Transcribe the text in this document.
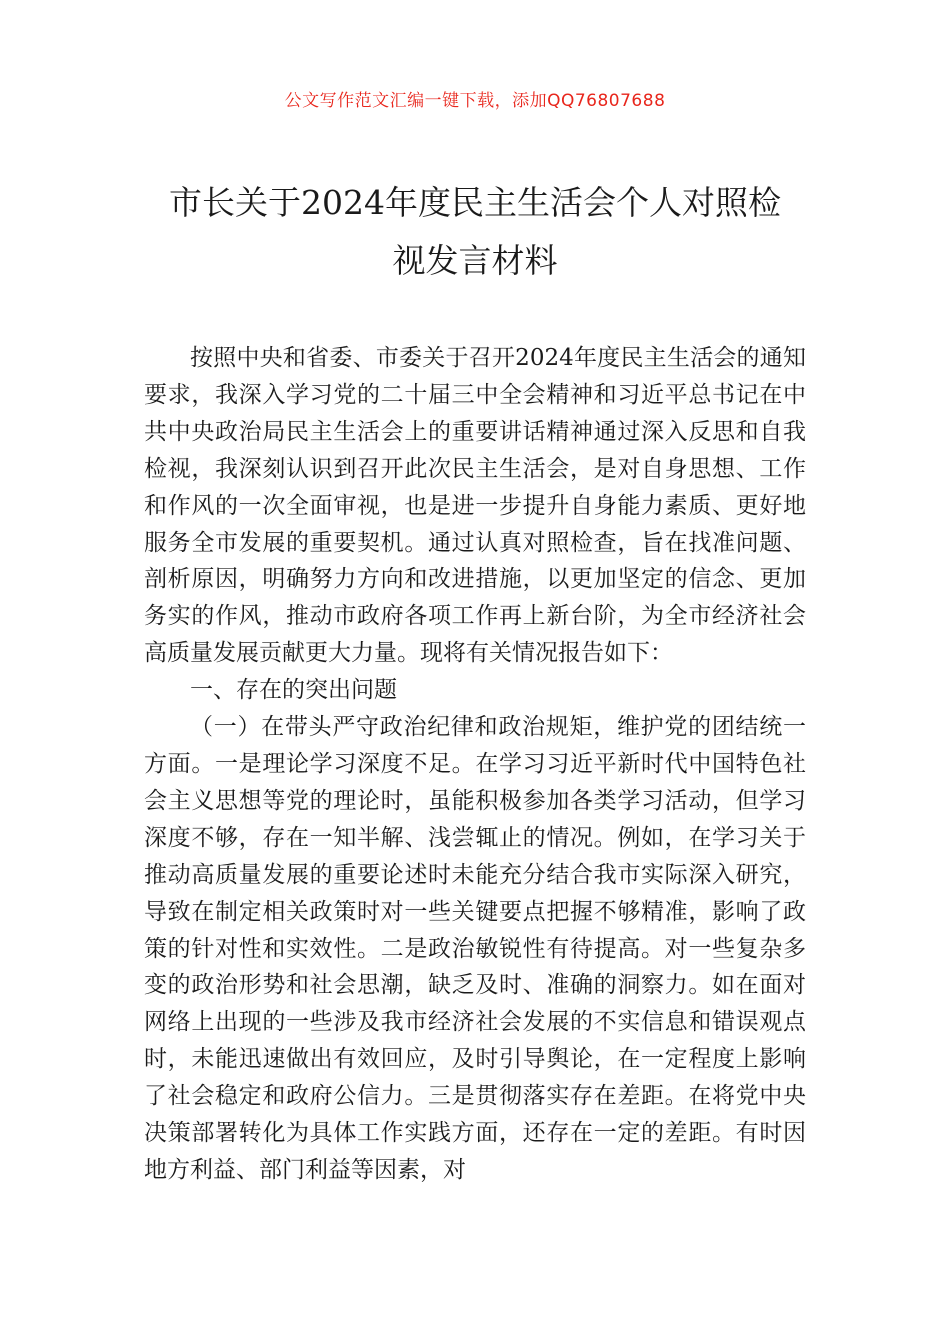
公文写作范文汇编一键下载，添加QQ76807688
市长关于2024年度民主生活会个人对照检
视发言材料

按照中央和省委、市委关于召开2024年度民主生活会的通知要求，我深入学习党的二十届三中全会精神和习近平总书记在中共中央政治局民主生活会上的重要讲话精神通过深入反思和自我检视，我深刻认识到召开此次民主生活会，是对自身思想、工作和作风的一次全面审视，也是进一步提升自身能力素质、更好地服务全市发展的重要契机。通过认真对照检查，旨在找准问题、剖析原因，明确努力方向和改进措施，以更加坚定的信念、更加务实的作风，推动市政府各项工作再上新台阶，为全市经济社会高质量发展贡献更大力量。现将有关情况报告如下：

一、存在的突出问题

（一）在带头严守政治纪律和政治规矩，维护党的团结统一方面。一是理论学习深度不足。在学习习近平新时代中国特色社会主义思想等党的理论时，虽能积极参加各类学习活动，但学习深度不够，存在一知半解、浅尝辄止的情况。例如，在学习关于推动高质量发展的重要论述时未能充分结合我市实际深入研究，导致在制定相关政策时对一些关键要点把握不够精准，影响了政策的针对性和实效性。二是政治敏锐性有待提高。对一些复杂多变的政治形势和社会思潮，缺乏及时、准确的洞察力。如在面对网络上出现的一些涉及我市经济社会发展的不实信息和错误观点时，未能迅速做出有效回应，及时引导舆论，在一定程度上影响了社会稳定和政府公信力。三是贯彻落实存在差距。在将党中央决策部署转化为具体工作实践方面，还存在一定的差距。有时因地方利益、部门利益等因素，对
